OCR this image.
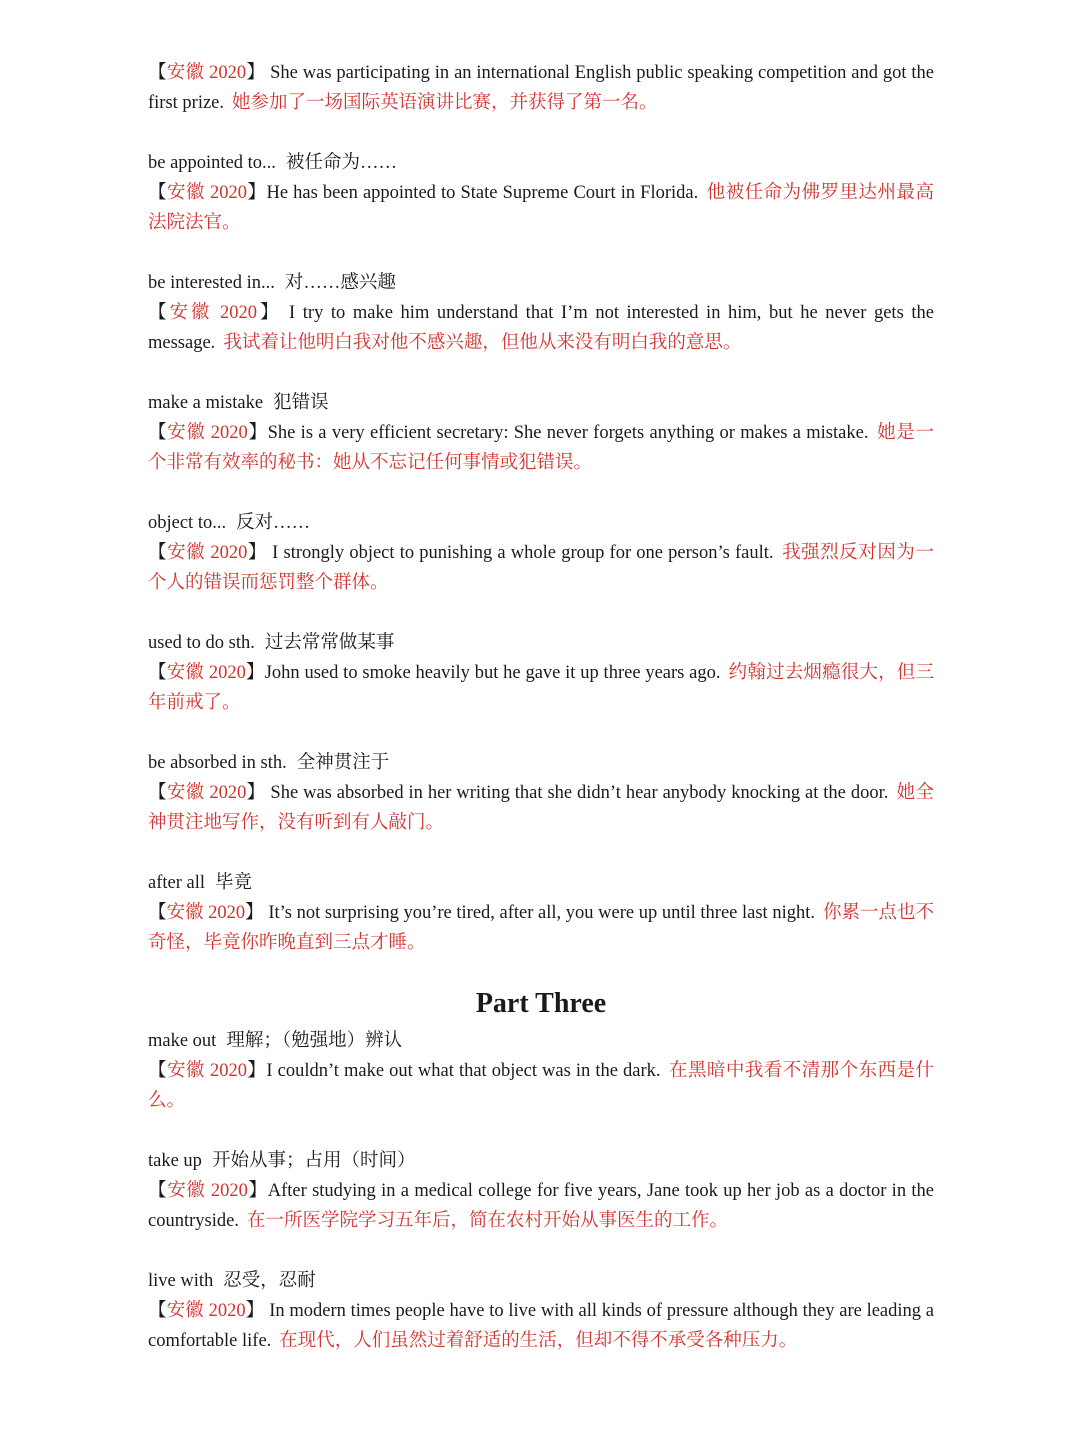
【安徽 2020】 She was participating in an international English public speaking competition and got the first prize. 她参加了一场国际英语演讲比赛，并获得了第一名。
be appointed to... 被任命为……
【安徽 2020】He has been appointed to State Supreme Court in Florida. 他被任命为佛罗里达州最高法院法官。
be interested in... 对……感兴趣
【安徽 2020】 I try to make him understand that I’m not interested in him, but he never gets the message. 我试着让他明白我对他不感兴趣，但他从来没有明白我的意思。
make a mistake 犯错误
【安徽 2020】She is a very efficient secretary: She never forgets anything or makes a mistake. 她是一个非常有效率的秘书：她从不忘记任何事情或犯错误。
object to... 反对……
【安徽 2020】 I strongly object to punishing a whole group for one person’s fault. 我强烈反对因为一个人的错误而惩罚整个群体。
used to do sth. 过去常常做某事
【安徽 2020】John used to smoke heavily but he gave it up three years ago. 约翰过去烟瘾很大，但三年前戒了。
be absorbed in sth. 全神贯注于
【安徽 2020】 She was absorbed in her writing that she didn’t hear anybody knocking at the door. 她全神贯注地写作，没有听到有人敲门。
after all 毕竟
【安徽 2020】 It’s not surprising you’re tired, after all, you were up until three last night. 你累一点也不奇怪，毕竟你昨晚直到三点才睡。
Part Three
make out 理解；（勉强地）辨认
【安徽 2020】I couldn’t make out what that object was in the dark. 在黑暗中我看不清那个东西是什么。
take up 开始从事；占用（时间）
【安徽 2020】After studying in a medical college for five years, Jane took up her job as a doctor in the countryside. 在一所医学院学习五年后，简在农村开始从事医生的工作。
live with 忍受，忍耐
【安徽 2020】 In modern times people have to live with all kinds of pressure although they are leading a comfortable life. 在现代，人们虽然过着舒适的生活，但却不得不承受各种压力。
